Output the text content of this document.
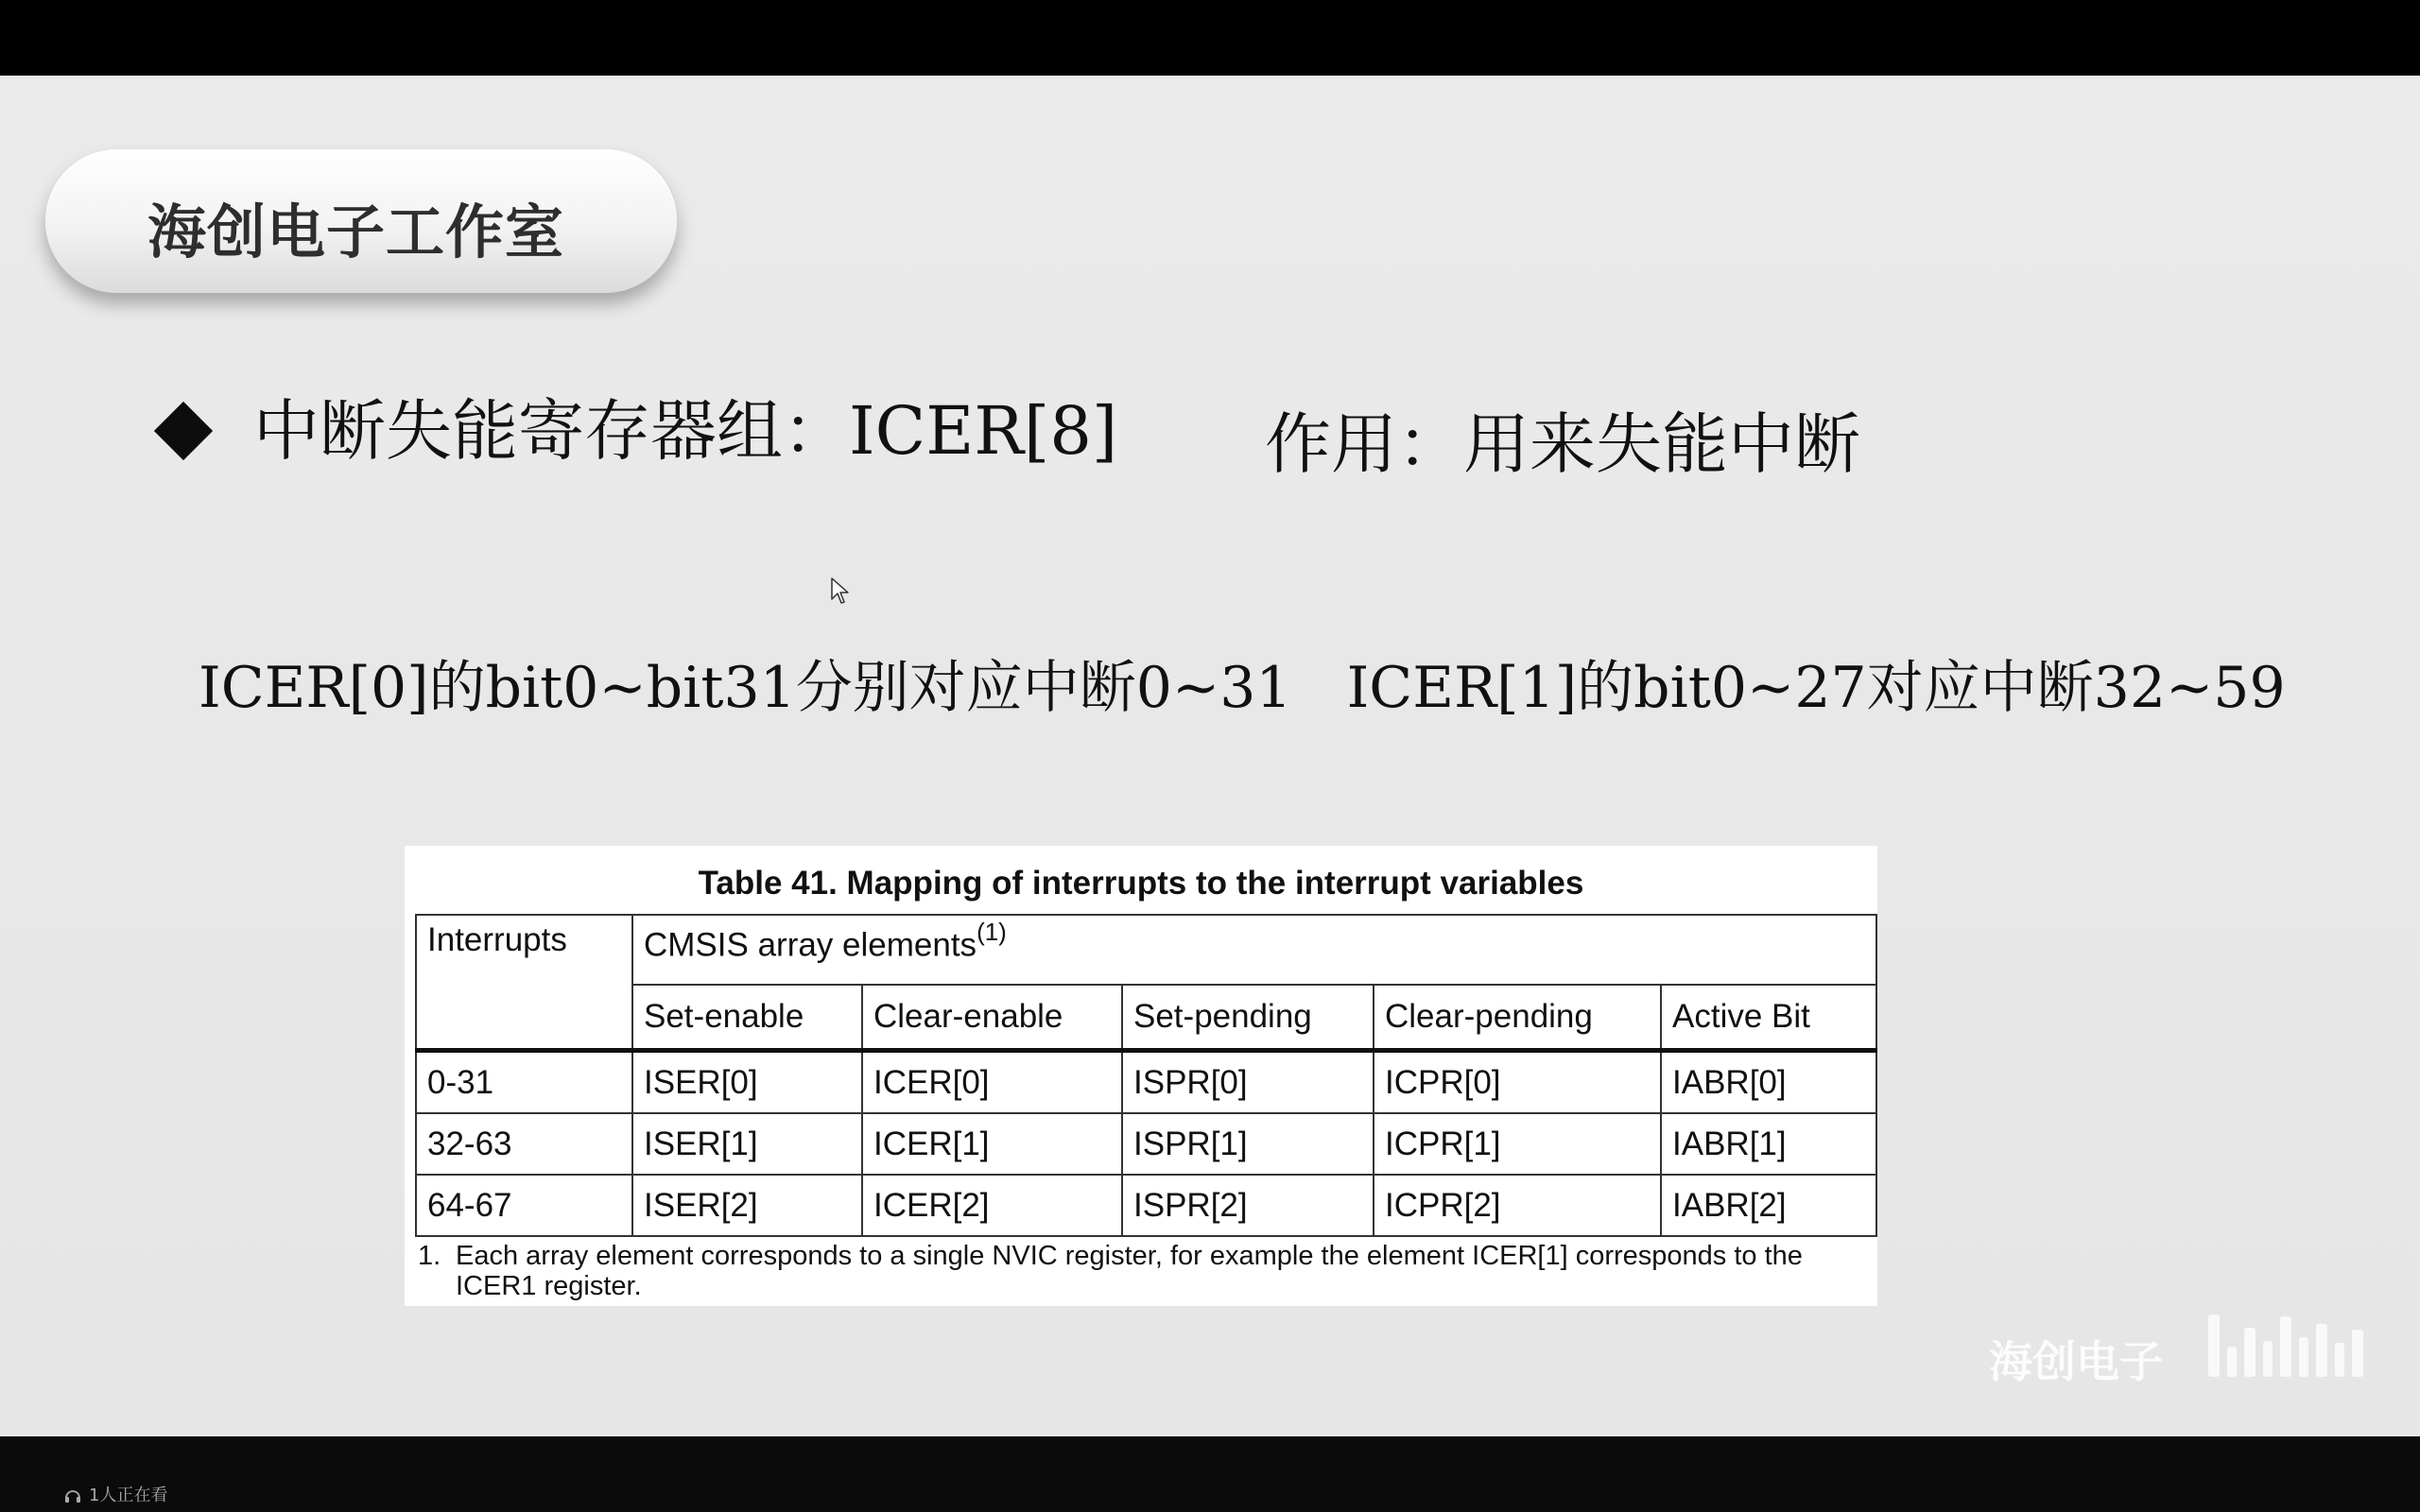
海创电子工作室
中断失能寄存器组：ICER[8] 作用：用来失能中断
ICER[0]的bit0~bit31分别对应中断0~31 ICER[1]的bit0~27对应中断32~59
Table 41. Mapping of interrupts to the interrupt variables
Interrupts	CMSIS array elements$^{(1)}$
	Set-enable	Clear-enable	Set-pending	Clear-pending	Active Bit
0-31	ISER[0]	ICER[0]	ISPR[0]	ICPR[0]	IABR[0]
32-63	ISER[1]	ICER[1]	ISPR[1]	ICPR[1]	IABR[1]
64-67	ISER[2]	ICER[2]	ISPR[2]	ICPR[2]	IABR[2]
1. Each array element corresponds to a single NVIC register, for example the element ICER[1] corresponds to the ICER1 register.
海创电子
1人正在看
